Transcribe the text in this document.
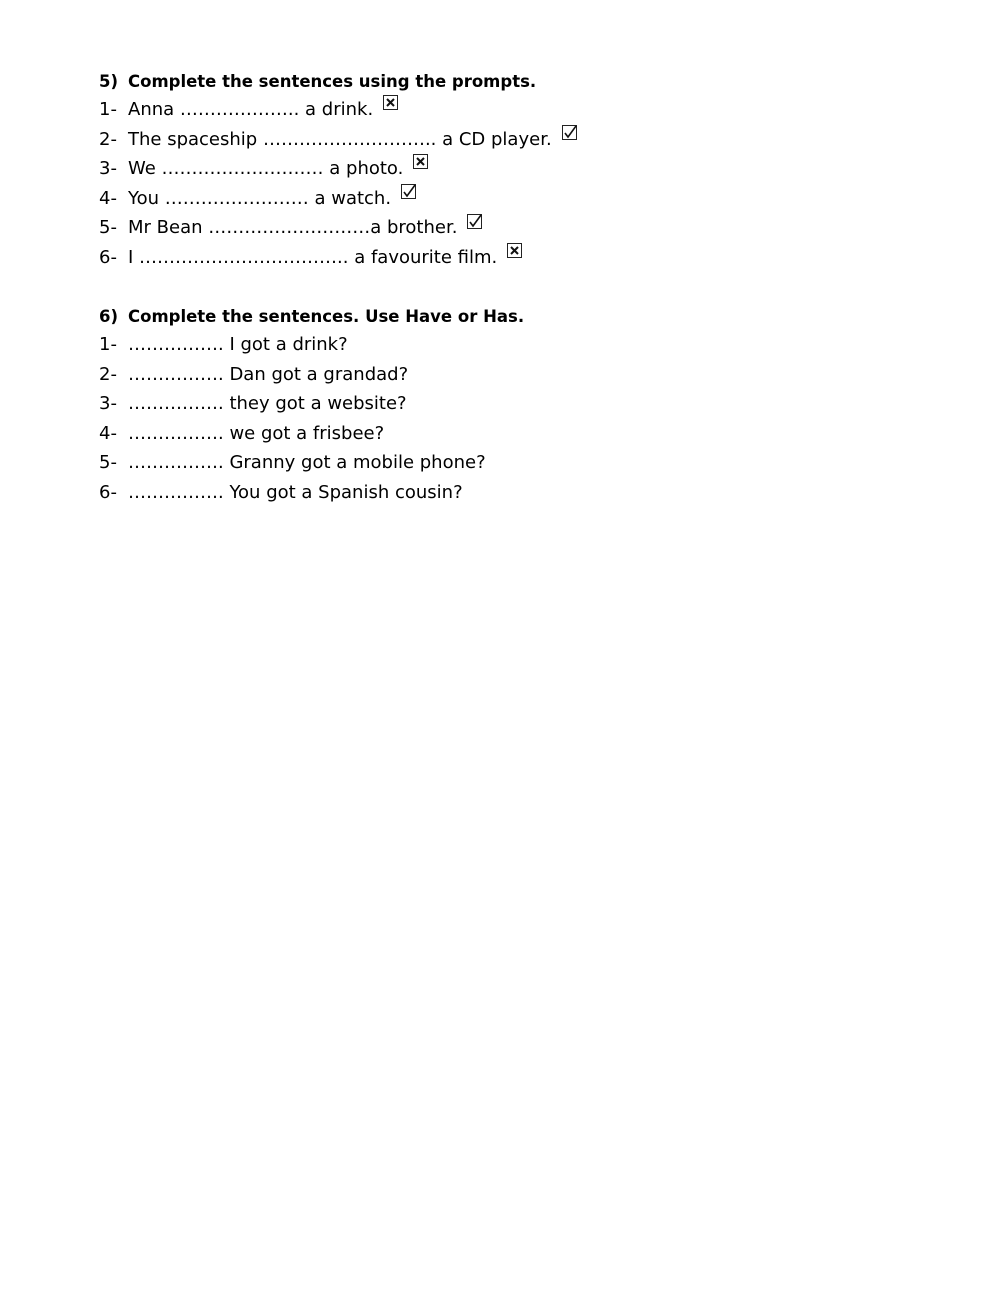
5) Complete the sentences using the prompts.
1- Anna ……………….. a drink.
2- The spaceship ……………………….. a CD player.
3- We ……………………… a photo.
4- You …………………… a watch.
5- Mr Bean ………………………a brother.
6- I …………………………….. a favourite film.
6) Complete the sentences. Use Have or Has.
1- ……………. I got a drink?
2- ……………. Dan got a grandad?
3- ……………. they got a website?
4- ……………. we got a frisbee?
5- ……………. Granny got a mobile phone?
6- ……………. You got a Spanish cousin?
